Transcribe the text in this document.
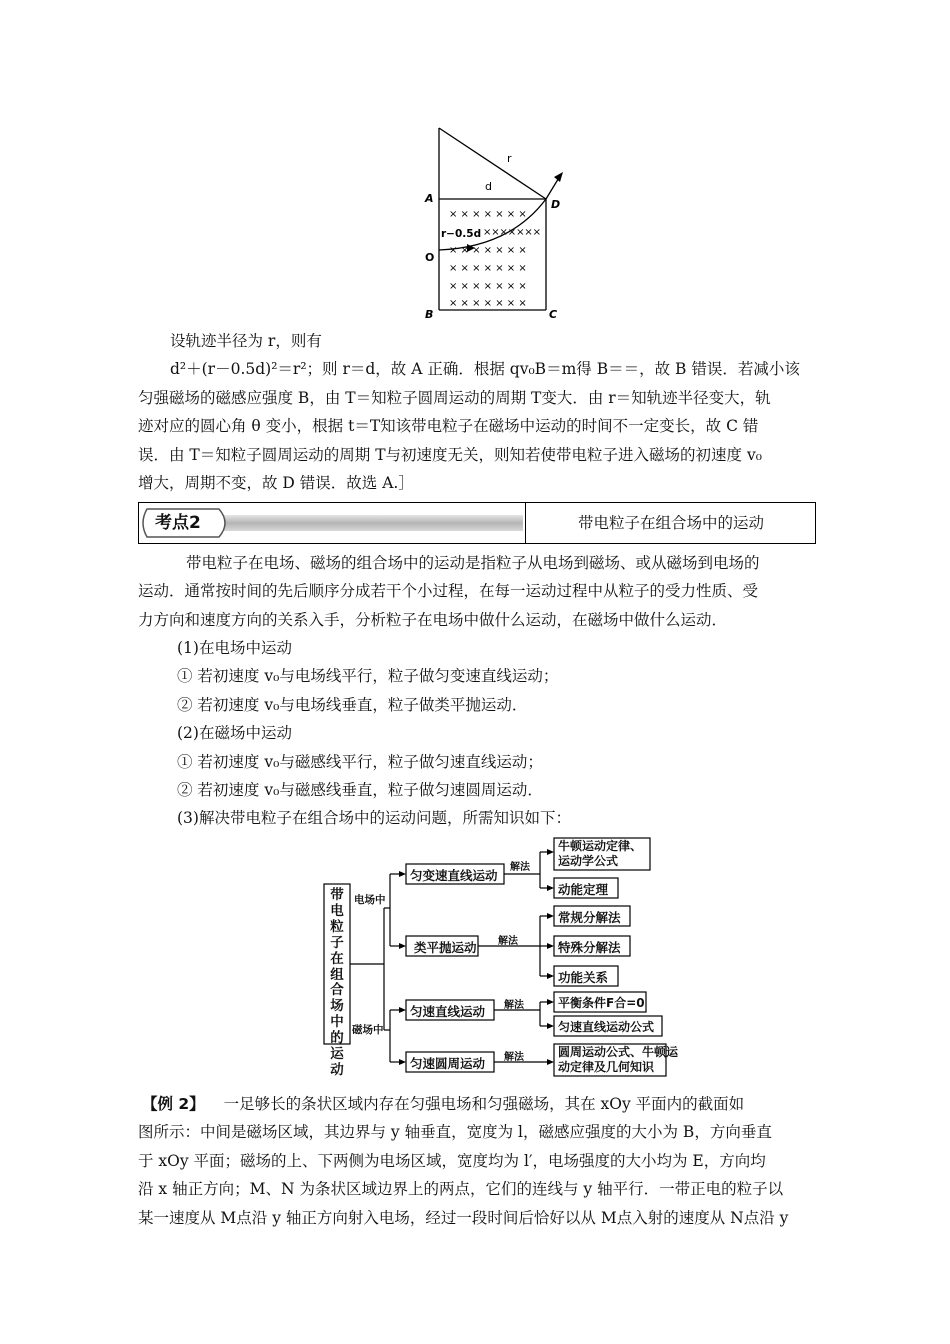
r
d
A	D
r−0.5d
O
B	C
× × × × × × ×
× × × × × × ×
× × × × × × ×
× × × × × × ×
× × × × × × ×
× × × × × × ×
设轨迹半径为 r，则有
d²＋(r－0.5d)²＝r²；则 r＝d，故 A 正确．根据 qv₀B＝m得 B＝＝，故 B 错误．若减小该
匀强磁场的磁感应强度 B，由 T＝知粒子圆周运动的周期 T变大．由 r＝知轨迹半径变大，轨
迹对应的圆心角 θ 变小，根据 t＝T知该带电粒子在磁场中运动的时间不一定变长，故 C 错
误．由 T＝知粒子圆周运动的周期 T与初速度无关，则知若使带电粒子进入磁场的初速度 v₀
增大，周期不变，故 D 错误．故选 A.］
考点2	带电粒子在组合场中的运动
带电粒子在电场、磁场的组合场中的运动是指粒子从电场到磁场、或从磁场到电场的
运动．通常按时间的先后顺序分成若干个小过程，在每一运动过程中从粒子的受力性质、受
力方向和速度方向的关系入手，分析粒子在电场中做什么运动，在磁场中做什么运动．
(1)在电场中运动
① 若初速度 v₀与电场线平行，粒子做匀变速直线运动；
② 若初速度 v₀与电场线垂直，粒子做类平抛运动．
(2)在磁场中运动
① 若初速度 v₀与磁感线平行，粒子做匀速直线运动；
② 若初速度 v₀与磁感线垂直，粒子做匀速圆周运动．
(3)解决带电粒子在组合场中的运动问题，所需知识如下：
带电粒子在组合场中的运动
电场中
磁场中
匀变速直线运动
类平抛运动
匀速直线运动
匀速圆周运动
解法
解法
解法
解法
牛顿运动定律、
运动学公式
动能定理
常规分解法
特殊分解法
功能关系
平衡条件F合=0
匀速直线运动公式
圆周运动公式、牛顿运
动定律及几何知识
【例 2】 一足够长的条状区域内存在匀强电场和匀强磁场，其在 xOy 平面内的截面如
图所示：中间是磁场区域，其边界与 y 轴垂直，宽度为 l，磁感应强度的大小为 B，方向垂直
于 xOy 平面；磁场的上、下两侧为电场区域，宽度均为 l′，电场强度的大小均为 E，方向均
沿 x 轴正方向；M、N 为条状区域边界上的两点，它们的连线与 y 轴平行．一带正电的粒子以
某一速度从 M点沿 y 轴正方向射入电场，经过一段时间后恰好以从 M点入射的速度从 N点沿 y
